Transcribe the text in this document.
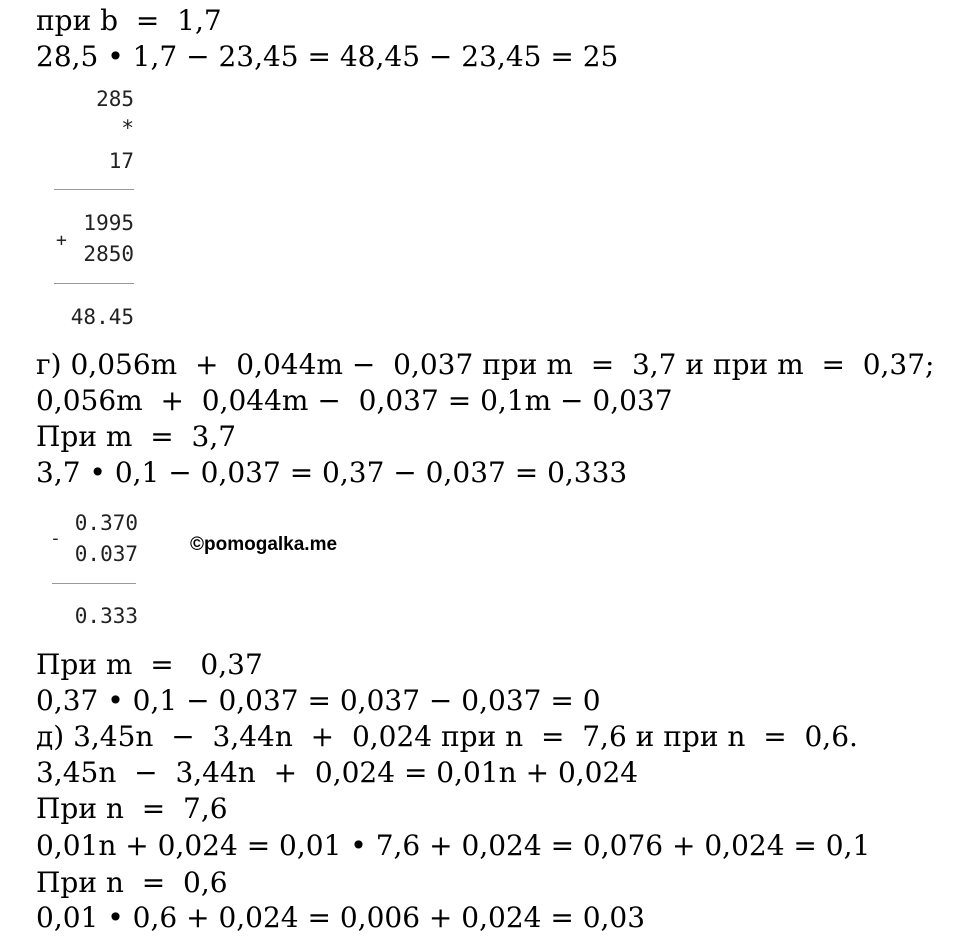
при b  =  1,7
28,5 • 1,7 − 23,45 = 48,45 − 23,45 = 25
285
*
17
+
1995
2850
48.45
г) 0,056m  +  0,044m −  0,037 при m  =  3,7 и при m  =  0,37;
0,056m  +  0,044m −  0,037 = 0,1m − 0,037
При m  =  3,7
3,7 • 0,1 − 0,037 = 0,37 − 0,037 = 0,333
0.370
-
0.037
0.333
©pomogalka.me
При m  =   0,37
0,37 • 0,1 − 0,037 = 0,037 − 0,037 = 0
д) 3,45n  −  3,44n  +  0,024 при n  =  7,6 и при n  =  0,6.
3,45n  −  3,44n  +  0,024 = 0,01n + 0,024
При n  =  7,6
0,01n + 0,024 = 0,01 • 7,6 + 0,024 = 0,076 + 0,024 = 0,1
При n  =  0,6
0,01 • 0,6 + 0,024 = 0,006 + 0,024 = 0,03
